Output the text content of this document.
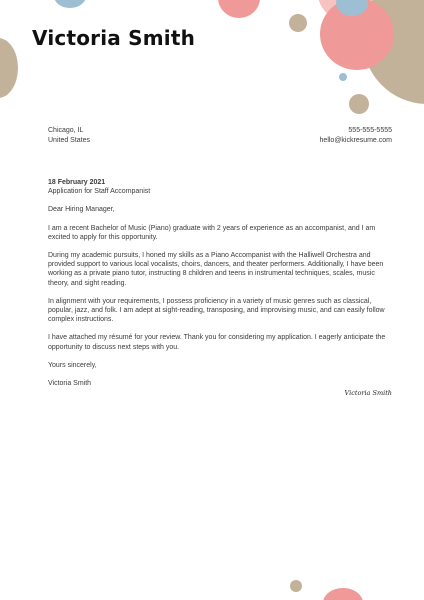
Victoria Smith
Chicago, IL
United States
555-555-5555
hello@kickresume.com

18 February 2021

Application for Staff Accompanist

Dear Hiring Manager,

I am a recent Bachelor of Music (Piano) graduate with 2 years of experience as an accompanist, and I am excited to apply for this opportunity.

During my academic pursuits, I honed my skills as a Piano Accompanist with the Halliwell Orchestra and provided support to various local vocalists, choirs, dancers, and theater performers. Additionally, I have been working as a private piano tutor, instructing 8 children and teens in instrumental techniques, scales, music theory, and sight reading.

In alignment with your requirements, I possess proficiency in a variety of music genres such as classical, popular, jazz, and folk. I am adept at sight-reading, transposing, and improvising music, and can easily follow complex instructions.

I have attached my résumé for your review. Thank you for considering my application. I eagerly anticipate the opportunity to discuss next steps with you.

Yours sincerely,

Victoria Smith

Victoria Smith
